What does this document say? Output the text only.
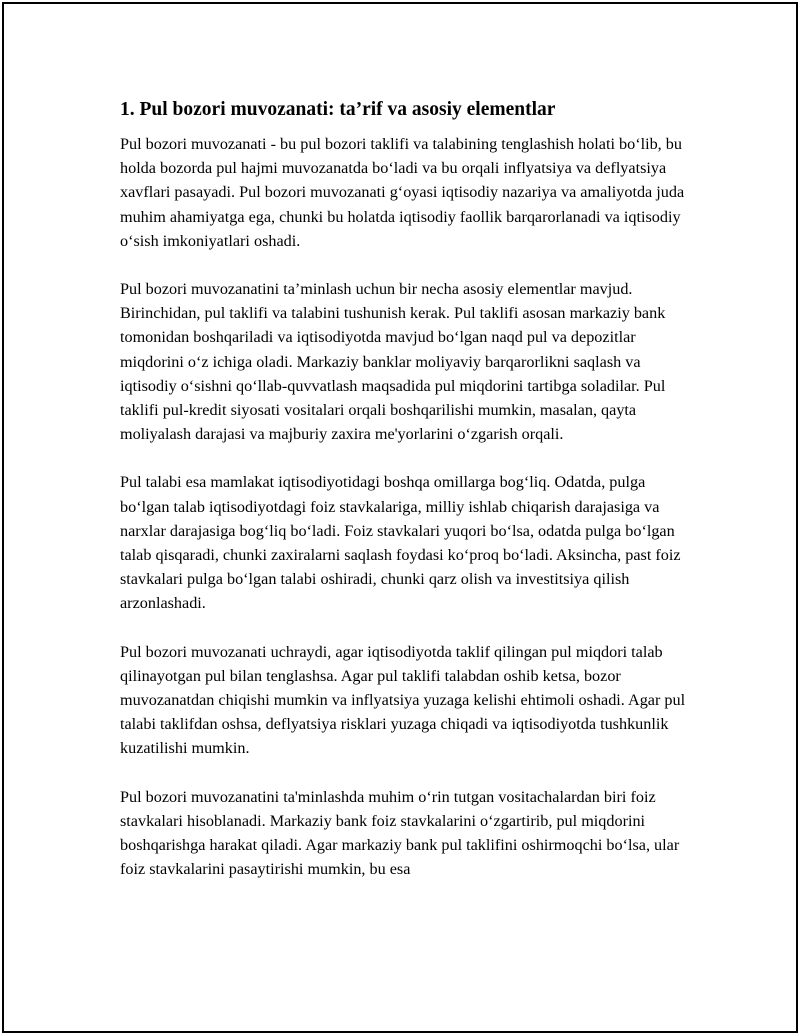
1. Pul bozori muvozanati: ta’rif va asosiy elementlar

Pul bozori muvozanati - bu pul bozori taklifi va talabining tenglashish holati bo‘lib, bu holda bozorda pul hajmi muvozanatda bo‘ladi va bu orqali inflyatsiya va deflyatsiya xavflari pasayadi. Pul bozori muvozanati g‘oyasi iqtisodiy nazariya va amaliyotda juda muhim ahamiyatga ega, chunki bu holatda iqtisodiy faollik barqarorlanadi va iqtisodiy o‘sish imkoniyatlari oshadi.

Pul bozori muvozanatini ta’minlash uchun bir necha asosiy elementlar mavjud. Birinchidan, pul taklifi va talabini tushunish kerak. Pul taklifi asosan markaziy bank tomonidan boshqariladi va iqtisodiyotda mavjud bo‘lgan naqd pul va depozitlar miqdorini o‘z ichiga oladi. Markaziy banklar moliyaviy barqarorlikni saqlash va iqtisodiy o‘sishni qo‘llab-quvvatlash maqsadida pul miqdorini tartibga soladilar. Pul taklifi pul-kredit siyosati vositalari orqali boshqarilishi mumkin, masalan, qayta moliyalash darajasi va majburiy zaxira me'yorlarini o‘zgarish orqali.

Pul talabi esa mamlakat iqtisodiyotidagi boshqa omillarga bog‘liq. Odatda, pulga bo‘lgan talab iqtisodiyotdagi foiz stavkalariga, milliy ishlab chiqarish darajasiga va narxlar darajasiga bog‘liq bo‘ladi. Foiz stavkalari yuqori bo‘lsa, odatda pulga bo‘lgan talab qisqaradi, chunki zaxiralarni saqlash foydasi ko‘proq bo‘ladi. Aksincha, past foiz stavkalari pulga bo‘lgan talabi oshiradi, chunki qarz olish va investitsiya qilish arzonlashadi.

Pul bozori muvozanati uchraydi, agar iqtisodiyotda taklif qilingan pul miqdori talab qilinayotgan pul bilan tenglashsa. Agar pul taklifi talabdan oshib ketsa, bozor muvozanatdan chiqishi mumkin va inflyatsiya yuzaga kelishi ehtimoli oshadi. Agar pul talabi taklifdan oshsa, deflyatsiya risklari yuzaga chiqadi va iqtisodiyotda tushkunlik kuzatilishi mumkin.

Pul bozori muvozanatini ta'minlashda muhim o‘rin tutgan vositachalardan biri foiz stavkalari hisoblanadi. Markaziy bank foiz stavkalarini o‘zgartirib, pul miqdorini boshqarishga harakat qiladi. Agar markaziy bank pul taklifini oshirmoqchi bo‘lsa, ular foiz stavkalarini pasaytirishi mumkin, bu esa
